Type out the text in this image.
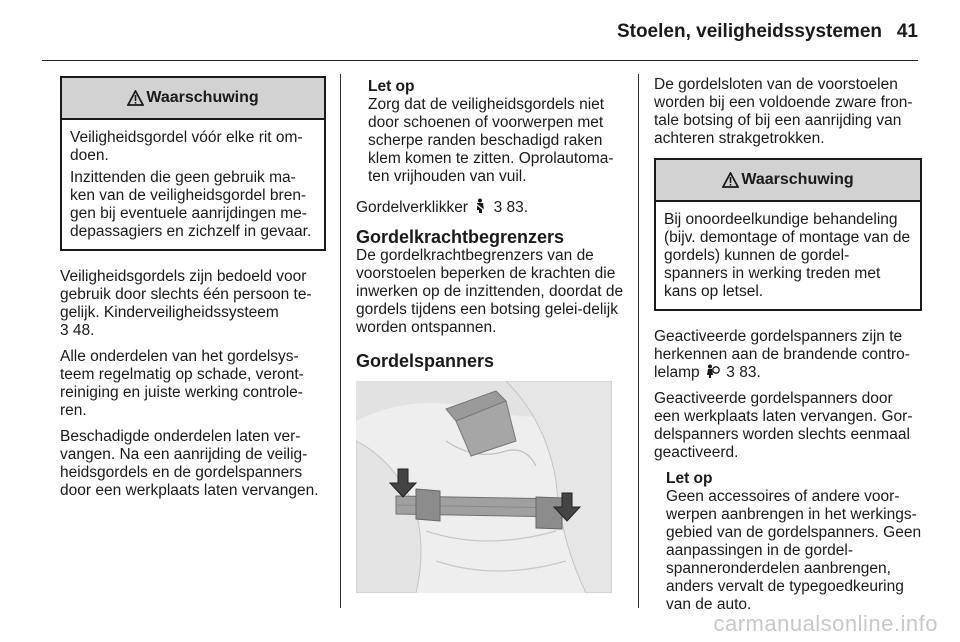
Stoelen, veiligheidssystemen 41
Waarschuwing

Veiligheidsgordel vóór elke rit om-doen.

Inzittenden die geen gebruik ma-ken van de veiligheidsgordel bren-gen bij eventuele aanrijdingen me-depassagiers en zichzelf in gevaar.

Veiligheidsgordels zijn bedoeld voor gebruik door slechts één persoon te-gelijk. Kinderveiligheidssysteem
3 48.

Alle onderdelen van het gordelsys-teem regelmatig op schade, veront-reiniging en juiste werking controle-ren.

Beschadigde onderdelen laten ver-vangen. Na een aanrijding de veilig-heidsgordels en de gordelspanners door een werkplaats laten vervangen.

Let op
Zorg dat de veiligheidsgordels niet door schoenen of voorwerpen met scherpe randen beschadigd raken klem komen te zitten. Oprolautoma-ten vrijhouden van vuil.

Gordelverklikker 3 83.

Gordelkrachtbegrenzers

De gordelkrachtbegrenzers van de voorstoelen beperken de krachten die inwerken op de inzittenden, doordat de gordels tijdens een botsing gelei-delijk worden ontspannen.

Gordelspanners

De gordelsloten van de voorstoelen worden bij een voldoende zware fron-tale botsing of bij een aanrijding van achteren strakgetrokken.

Waarschuwing

Bij onoordeelkundige behandeling (bijv. demontage of montage van de gordels) kunnen de gordel-spanners in werking treden met kans op letsel.

Geactiveerde gordelspanners zijn te herkennen aan de brandende contro-lelamp 3 83.

Geactiveerde gordelspanners door een werkplaats laten vervangen. Gor-delspanners worden slechts eenmaal geactiveerd.

Let op
Geen accessoires of andere voor-werpen aanbrengen in het werkings-gebied van de gordelspanners. Geen aanpassingen in de gordel-spanneronderdelen aanbrengen, anders vervalt de typegoedkeuring van de auto.
carmanualsonline.info
